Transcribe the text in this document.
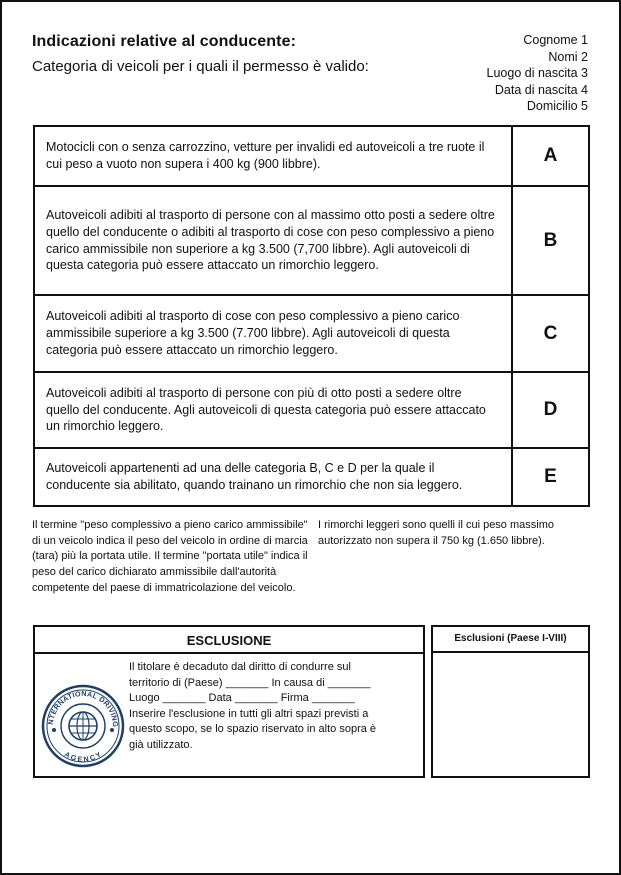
Indicazioni relative al conducente:
Categoria di veicoli per i quali il permesso è valido:
Cognome 1
Nomi 2
Luogo di nascita 3
Data di nascita 4
Domicilio 5
Motocicli con o senza carrozzino, vetture per invalidi ed autoveicoli a tre ruote il cui peso a vuoto non supera i 400 kg (900 libbre).	A
Autoveicoli adibiti al trasporto di persone con al massimo otto posti a sedere oltre quello del conducente o adibiti al trasporto di cose con peso complessivo a pieno carico ammissibile non superiore a kg 3.500 (7,700 libbre). Agli autoveicoli di questa categoria può essere attaccato un rimorchio leggero.	B
Autoveicoli adibiti al trasporto di cose con peso complessivo a pieno carico ammissibile superiore a kg 3.500 (7.700 libbre). Agli autoveicoli di questa categoria può essere attaccato un rimorchio leggero.	C
Autoveicoli adibiti al trasporto di persone con più di otto posti a sedere oltre quello del conducente. Agli autoveicoli di questa categoria può essere attaccato un rimorchio leggero.	D
Autoveicoli appartenenti ad una delle categoria B, C e D per la quale il conducente sia abilitato, quando trainano un rimorchio che non sia leggero.	E
Il termine "peso complessivo a pieno carico ammissibile" di un veicolo indica il peso del veicolo in ordine di marcia (tara) più la portata utile. Il termine "portata utile" indica il peso del carico dichiarato ammissibile dall'autorità competente del paese di immatricolazione del veicolo.
I rimorchi leggeri sono quelli il cui peso massimo autorizzato non supera il 750 kg (1.650 libbre).
ESCLUSIONE
NTERNATIONAL DRIVING
AGENCY
Il titolare è decaduto dal diritto di condurre sul
territorio di (Paese) _______ In causa di _______
Luogo _______ Data _______ Firma _______
Inserire l'esclusione in tutti gli altri spazi previsti a
questo scopo, se lo spazio riservato in alto sopra è
già utilizzato.
Esclusioni (Paese I-VIII)
